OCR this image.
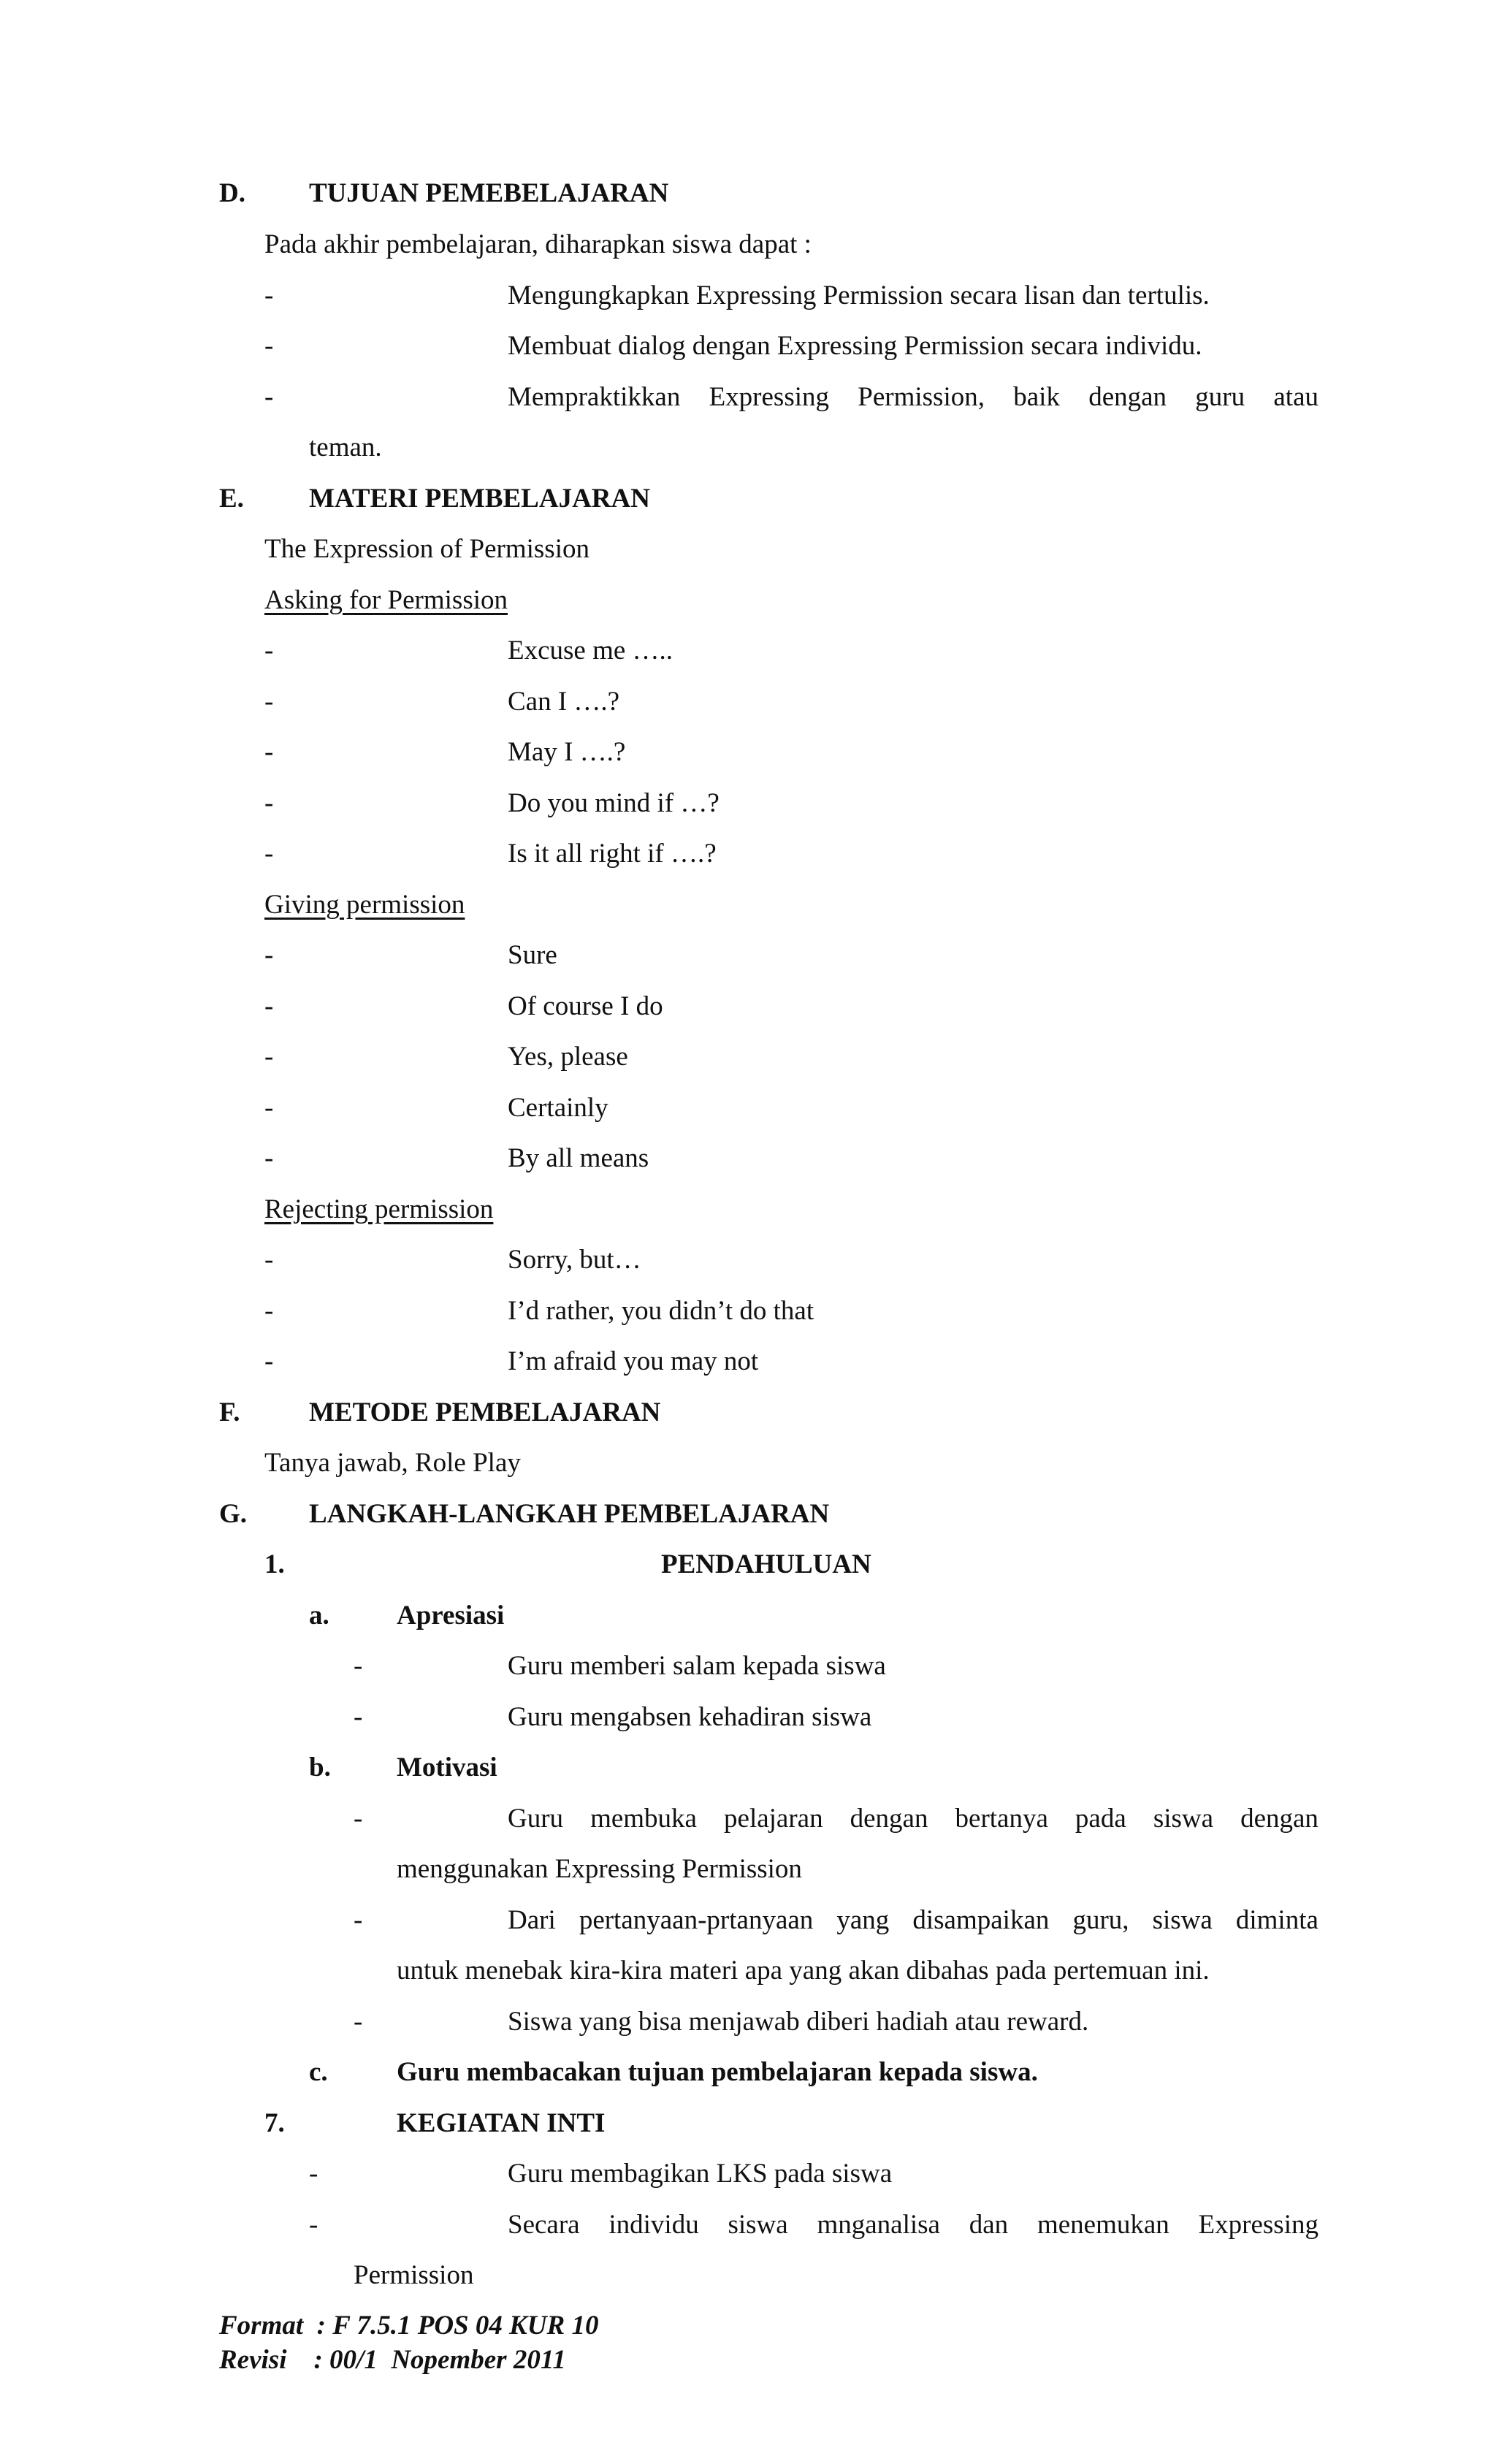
D. TUJUAN PEMEBELAJARAN
Pada akhir pembelajaran, diharapkan siswa dapat :
-	Mengungkapkan Expressing Permission secara lisan dan tertulis.
-	Membuat dialog dengan Expressing Permission secara individu.
-	Mempraktikkan Expressing Permission, baik dengan guru atau
teman.
E. MATERI PEMBELAJARAN
The Expression of Permission
Asking for Permission
-	Excuse me …..
-	Can I ….?
-	May I ….?
-	Do you mind if …?
-	Is it all right if ….?
Giving permission
-	Sure
-	Of course I do
-	Yes, please
-	Certainly
-	By all means
Rejecting permission
-	Sorry, but…
-	I’d rather, you didn’t do that
-	I’m afraid you may not
F.	METODE PEMBELAJARAN
Tanya jawab, Role Play
G. LANGKAH-LANGKAH PEMBELAJARAN
1.	PENDAHULUAN
a. Apresiasi
-	Guru memberi salam kepada siswa
-	Guru mengabsen kehadiran siswa
b. Motivasi
-	Guru membuka pelajaran dengan bertanya pada siswa dengan
menggunakan Expressing Permission
-	Dari pertanyaan-prtanyaan yang disampaikan guru, siswa diminta
untuk menebak kira-kira materi apa yang akan dibahas pada pertemuan ini.
-	Siswa yang bisa menjawab diberi hadiah atau reward.
c.	Guru membacakan tujuan pembelajaran kepada siswa.
7.	KEGIATAN INTI
-	Guru membagikan LKS pada siswa
-	Secara individu siswa mnganalisa dan menemukan Expressing
Permission
Format  : F 7.5.1 POS 04 KUR 10
Revisi    : 00/1  Nopember 2011
